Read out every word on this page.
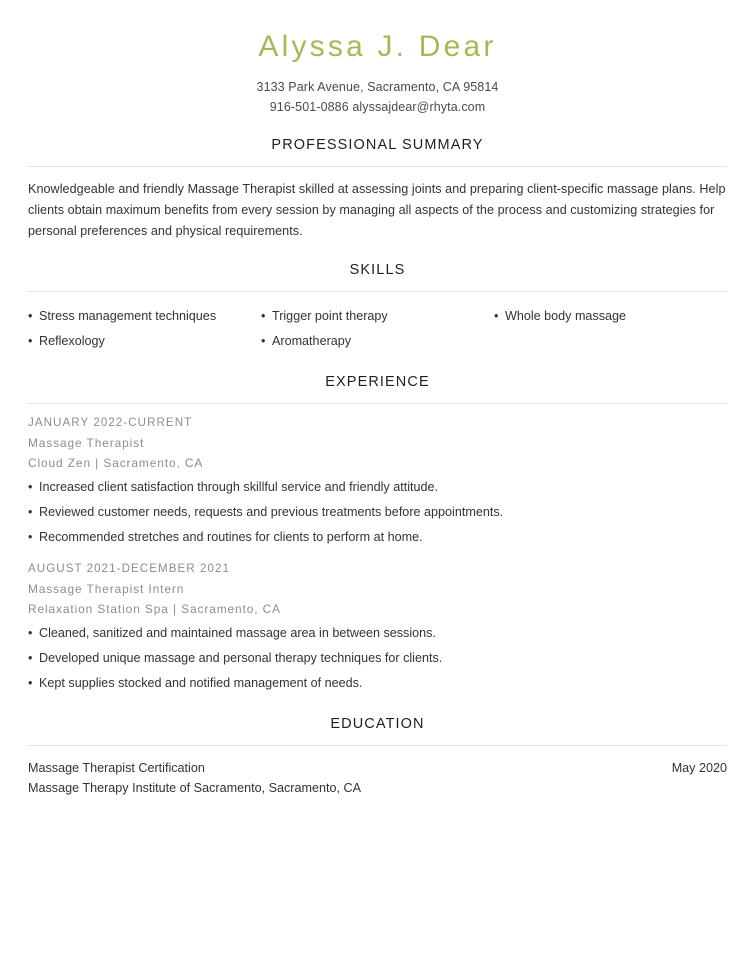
Alyssa J. Dear
3133 Park Avenue, Sacramento, CA 95814
916-501-0886 alyssajdear@rhyta.com
PROFESSIONAL SUMMARY
Knowledgeable and friendly Massage Therapist skilled at assessing joints and preparing client-specific massage plans. Help clients obtain maximum benefits from every session by managing all aspects of the process and customizing strategies for personal preferences and physical requirements.
SKILLS
• Stress management techniques
• Reflexology
• Trigger point therapy
• Aromatherapy
• Whole body massage
EXPERIENCE
JANUARY 2022-CURRENT
Massage Therapist
Cloud Zen | Sacramento, CA
• Increased client satisfaction through skillful service and friendly attitude.
• Reviewed customer needs, requests and previous treatments before appointments.
• Recommended stretches and routines for clients to perform at home.
AUGUST 2021-DECEMBER 2021
Massage Therapist Intern
Relaxation Station Spa | Sacramento, CA
• Cleaned, sanitized and maintained massage area in between sessions.
• Developed unique massage and personal therapy techniques for clients.
• Kept supplies stocked and notified management of needs.
EDUCATION
Massage Therapist Certification	May 2020
Massage Therapy Institute of Sacramento, Sacramento, CA
